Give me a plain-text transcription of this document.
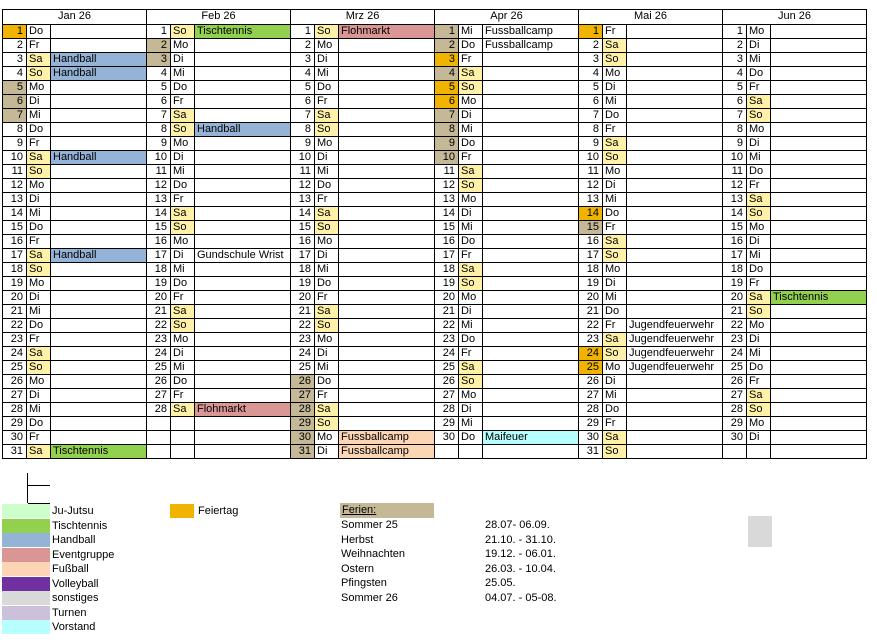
Jan 26			Feb 26			Mrz 26			Apr 26			Mai 26			Jun 26		
1	Do		1	So	Tischtennis	1	So	Flohmarkt	1	Mi	Fussballcamp	1	Fr		1	Mo	
2	Fr		2	Mo		2	Mo		2	Do	Fussballcamp	2	Sa		2	Di	
3	Sa	Handball	3	Di		3	Di		3	Fr		3	So		3	Mi	
4	So	Handball	4	Mi		4	Mi		4	Sa		4	Mo		4	Do	
5	Mo		5	Do		5	Do		5	So		5	Di		5	Fr	
6	Di		6	Fr		6	Fr		6	Mo		6	Mi		6	Sa	
7	Mi		7	Sa		7	Sa		7	Di		7	Do		7	So	
8	Do		8	So	Handball	8	So		8	Mi		8	Fr		8	Mo	
9	Fr		9	Mo		9	Mo		9	Do		9	Sa		9	Di	
10	Sa	Handball	10	Di		10	Di		10	Fr		10	So		10	Mi	
11	So		11	Mi		11	Mi		11	Sa		11	Mo		11	Do	
12	Mo		12	Do		12	Do		12	So		12	Di		12	Fr	
13	Di		13	Fr		13	Fr		13	Mo		13	Mi		13	Sa	
14	Mi		14	Sa		14	Sa		14	Di		14	Do		14	So	
15	Do		15	So		15	So		15	Mi		15	Fr		15	Mo	
16	Fr		16	Mo		16	Mo		16	Do		16	Sa		16	Di	
17	Sa	Handball	17	Di	Gundschule Wrist	17	Di		17	Fr		17	So		17	Mi	
18	So		18	Mi		18	Mi		18	Sa		18	Mo		18	Do	
19	Mo		19	Do		19	Do		19	So		19	Di		19	Fr	
20	Di		20	Fr		20	Fr		20	Mo		20	Mi		20	Sa	Tischtennis
21	Mi		21	Sa		21	Sa		21	Di		21	Do		21	So	
22	Do		22	So		22	So		22	Mi		22	Fr	Jugendfeuerwehr	22	Mo	
23	Fr		23	Mo		23	Mo		23	Do		23	Sa	Jugendfeuerwehr	23	Di	
24	Sa		24	Di		24	Di		24	Fr		24	So	Jugendfeuerwehr	24	Mi	
25	So		25	Mi		25	Mi		25	Sa		25	Mo	Jugendfeuerwehr	25	Do	
26	Mo		26	Do		26	Do		26	So		26	Di		26	Fr	
27	Di		27	Fr		27	Fr		27	Mo		27	Mi		27	Sa	
28	Mi		28	Sa	Flohmarkt	28	Sa		28	Di		28	Do		28	So	
29	Do					29	So		29	Mi		29	Fr		29	Mo	
30	Fr					30	Mo	Fussballcamp	30	Do	Maifeuer	30	Sa		30	Di	
31	Sa	Tischtennis				31	Di	Fussballcamp				31	So				
Ju-Jutsu
Tischtennis
Handball
Eventgruppe
Fußball
Volleyball
sonstiges
Turnen
Vorstand
Feiertag	Ferien:
Sommer 25	28.07- 06.09.
Herbst	21.10. - 31.10.
Weihnachten	19.12. - 06.01.
Ostern	26.03. - 10.04.
Pfingsten	25.05.
Sommer 26	04.07. - 05-08.
